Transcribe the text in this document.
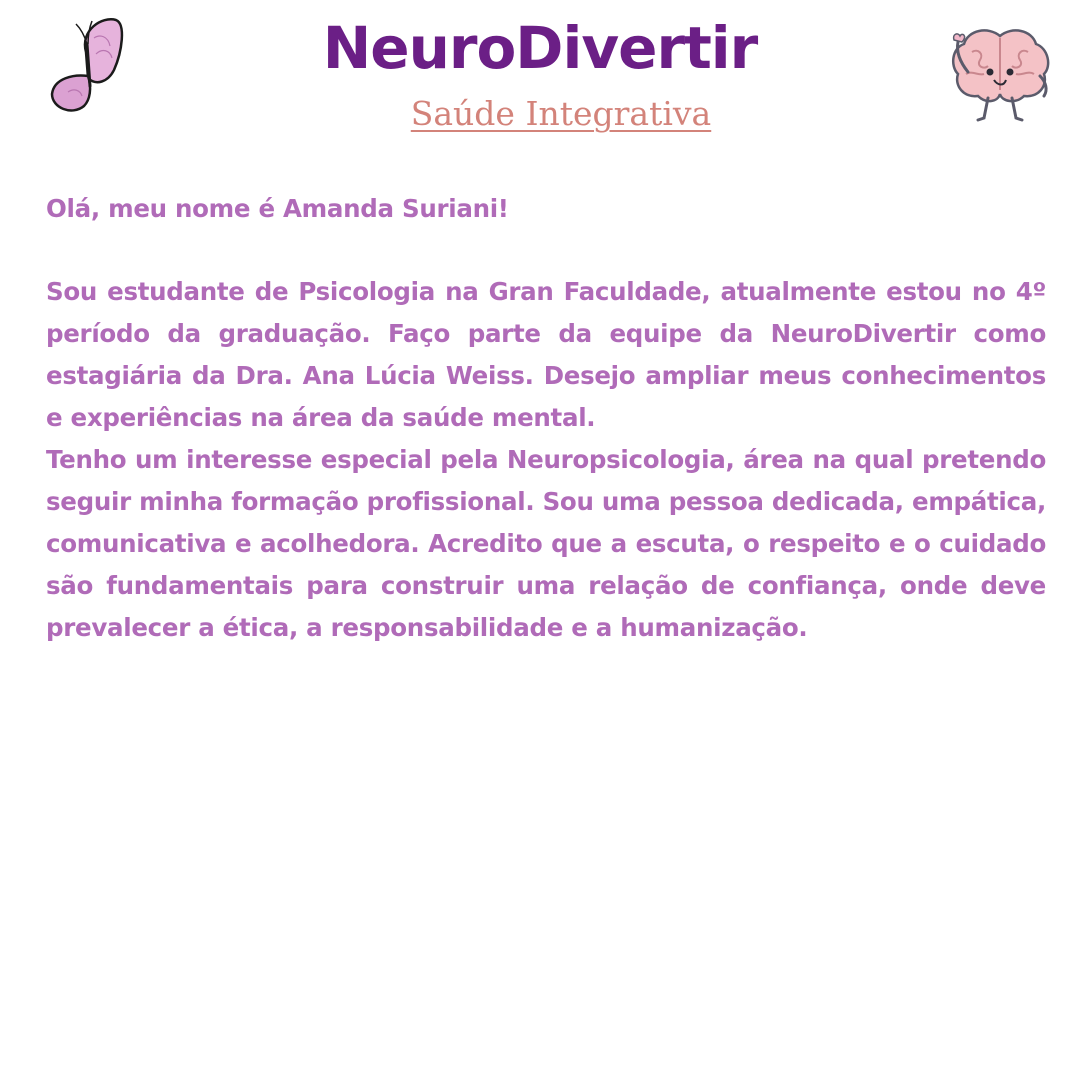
NeuroDivertir
Saúde Integrativa

Olá, meu nome é Amanda Suriani!

Sou estudante de Psicologia na Gran Faculdade, atualmente estou no 4º período da graduação. Faço parte da equipe da NeuroDivertir como estagiária da Dra. Ana Lúcia Weiss. Desejo ampliar meus conhecimentos e experiências na área da saúde mental.

Tenho um interesse especial pela Neuropsicologia, área na qual pretendo seguir minha formação profissional. Sou uma pessoa dedicada, empática, comunicativa e acolhedora. Acredito que a escuta, o respeito e o cuidado são fundamentais para construir uma relação de confiança, onde deve prevalecer a ética, a responsabilidade e a humanização.
